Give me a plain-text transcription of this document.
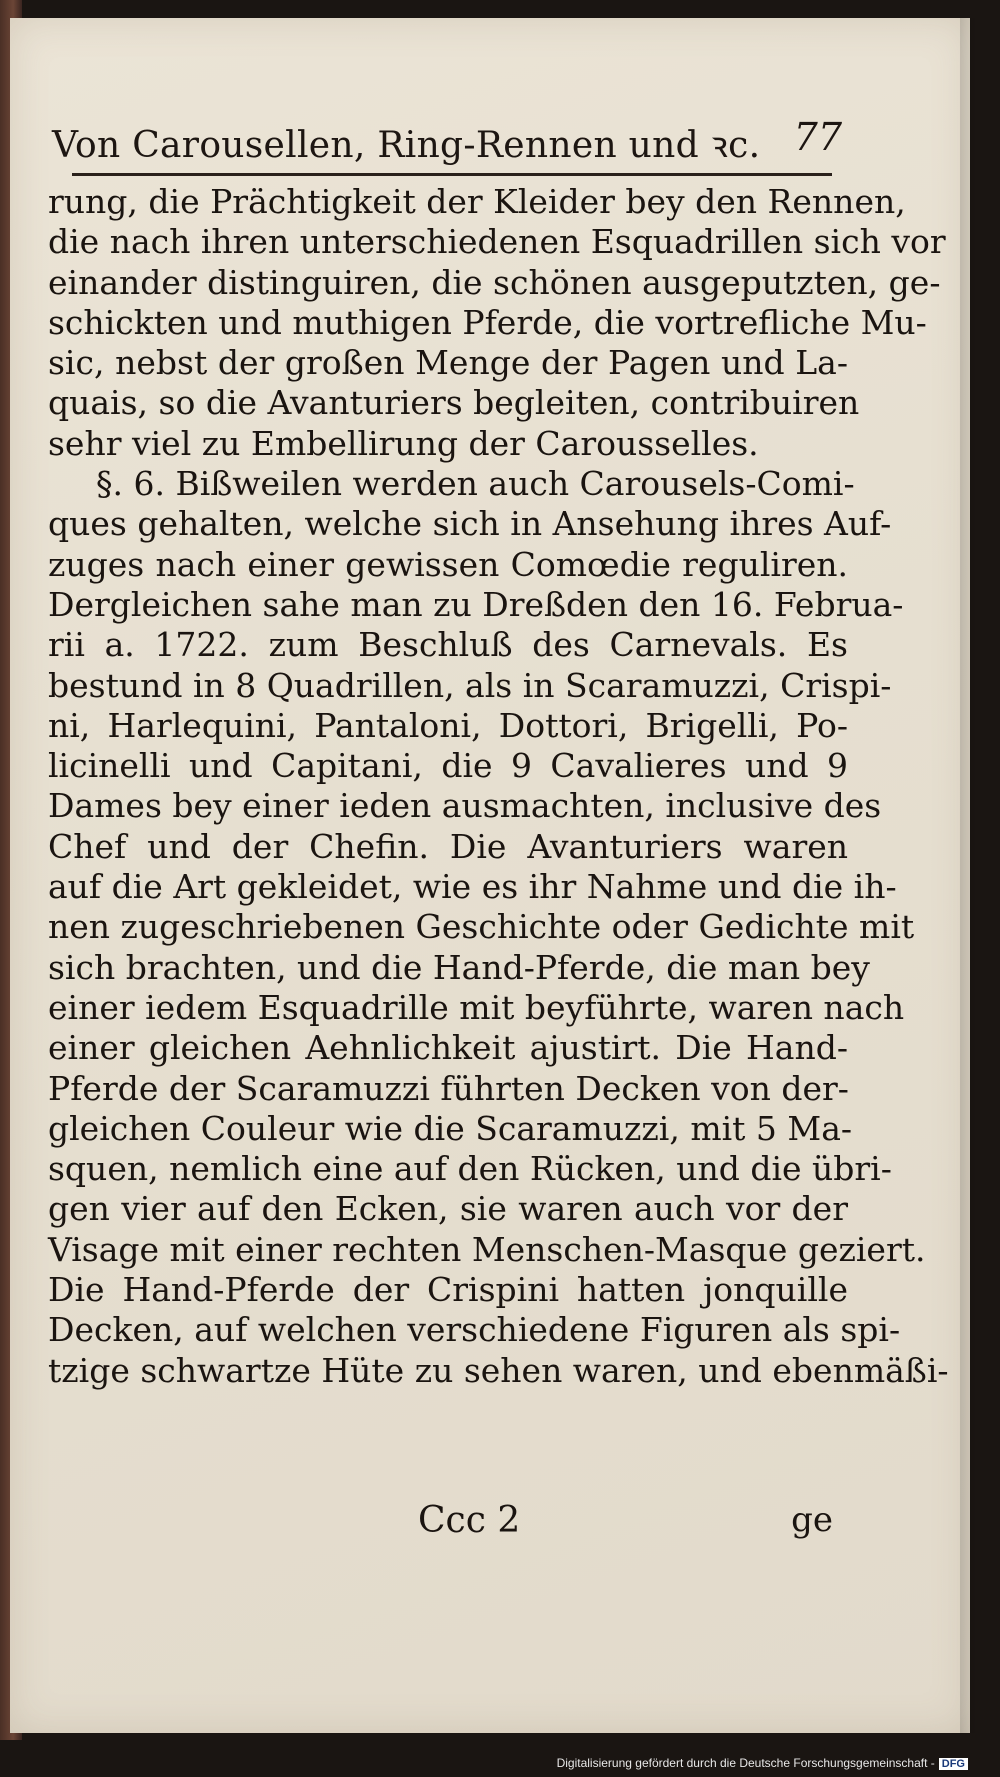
Von Carousellen, Ring-Rennen und ꝛc. 77
rung, die Prächtigkeit der Kleider bey den Rennen,
die nach ihren unterschiedenen Esquadrillen sich vor
einander distinguiren, die schönen ausgeputzten, ge-
schickten und muthigen Pferde, die vortrefliche Mu-
sic, nebst der großen Menge der Pagen und La-
quais, so die Avanturiers begleiten, contribuiren
sehr viel zu Embellirung der Carousselles.
§. 6. Bißweilen werden auch Carousels-Comi-
ques gehalten, welche sich in Ansehung ihres Auf-
zuges nach einer gewissen Comœdie reguliren.
Dergleichen sahe man zu Dreßden den 16. Februa-
rii a. 1722. zum Beschluß des Carnevals. Es
bestund in 8 Quadrillen, als in Scaramuzzi, Crispi-
ni, Harlequini, Pantaloni, Dottori, Brigelli, Po-
licinelli und Capitani, die 9 Cavalieres und 9
Dames bey einer ieden ausmachten, inclusive des
Chef und der Chefin. Die Avanturiers waren
auf die Art gekleidet, wie es ihr Nahme und die ih-
nen zugeschriebenen Geschichte oder Gedichte mit
sich brachten, und die Hand-Pferde, die man bey
einer iedem Esquadrille mit beyführte, waren nach
einer gleichen Aehnlichkeit ajustirt. Die Hand-
Pferde der Scaramuzzi führten Decken von der-
gleichen Couleur wie die Scaramuzzi, mit 5 Ma-
squen, nemlich eine auf den Rücken, und die übri-
gen vier auf den Ecken, sie waren auch vor der
Visage mit einer rechten Menschen-Masque geziert.
Die Hand-Pferde der Crispini hatten jonquille
Decken, auf welchen verschiedene Figuren als spi-
tzige schwartze Hüte zu sehen waren, und ebenmäßi-
Ccc 2	ge
Digitalisierung gefördert durch die Deutsche Forschungsgemeinschaft - DFG
